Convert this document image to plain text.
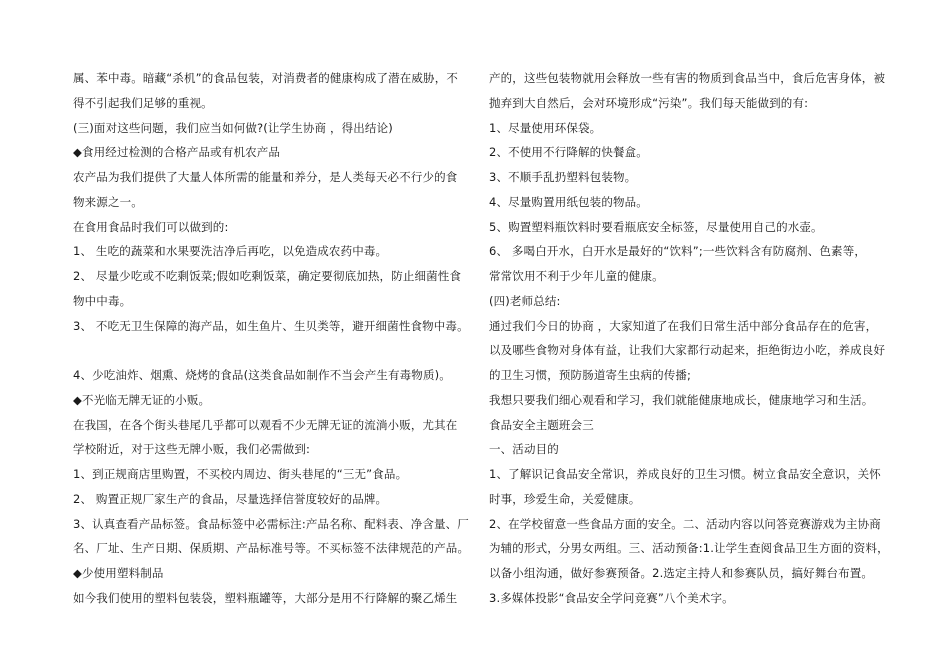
属、苯中毒。暗藏“杀机”的食品包装，对消费者的健康构成了潜在威胁，不
得不引起我们足够的重视。
(三)面对这些问题，我们应当如何做?(让学生协商 ，得出结论)
◆食用经过检测的合格产品或有机农产品
农产品为我们提供了大量人体所需的能量和养分，是人类每天必不行少的食
物来源之一。
在食用食品时我们可以做到的:
1、 生吃的蔬菜和水果要洗洁净后再吃，以免造成农药中毒。
2、 尽量少吃或不吃剩饭菜;假如吃剩饭菜，确定要彻底加热，防止细菌性食
物中中毒。
3、 不吃无卫生保障的海产品，如生鱼片、生贝类等，避开细菌性食物中毒。
4、少吃油炸、烟熏、烧烤的食品(这类食品如制作不当会产生有毒物质)。
◆不光临无牌无证的小贩。
在我国，在各个街头巷尾几乎都可以观看不少无牌无证的流淌小贩，尤其在
学校附近，对于这些无牌小贩，我们必需做到:
1、到正规商店里购置，不买校内周边、街头巷尾的“三无”食品。
2、 购置正规厂家生产的食品，尽量选择信誉度较好的品牌。
3、认真查看产品标签。食品标签中必需标注:产品名称、配料表、净含量、厂
名、厂址、生产日期、保质期、产品标准号等。不买标签不法律规范的产品。
◆少使用塑料制品
如今我们使用的塑料包装袋，塑料瓶罐等，大部分是用不行降解的聚乙烯生
产的，这些包装物就用会释放一些有害的物质到食品当中，食后危害身体，被
抛弃到大自然后，会对环境形成“污染”。我们每天能做到的有:
1、尽量使用环保袋。
2、不使用不行降解的快餐盒。
3、不顺手乱扔塑料包装物。
4、尽量购置用纸包装的物品。
5、购置塑料瓶饮料时要看瓶底安全标签，尽量使用自己的水壶。
6、 多喝白开水，白开水是最好的“饮料”;一些饮料含有防腐剂、色素等，
常常饮用不利于少年儿童的健康。
(四)老师总结:
通过我们今日的协商 ，大家知道了在我们日常生活中部分食品存在的危害，
以及哪些食物对身体有益，让我们大家都行动起来，拒绝街边小吃，养成良好
的卫生习惯，预防肠道寄生虫病的传播;
我想只要我们细心观看和学习，我们就能健康地成长，健康地学习和生活。
食品安全主题班会三
一、活动目的
1、了解识记食品安全常识，养成良好的卫生习惯。树立食品安全意识，关怀
时事，珍爱生命，关爱健康。
2、在学校留意一些食品方面的安全。二、活动内容以问答竞赛游戏为主协商
为辅的形式，分男女两组。三、活动预备:1.让学生查阅食品卫生方面的资料，
以备小组沟通，做好参赛预备。2.选定主持人和参赛队员，搞好舞台布置。
3.多媒体投影“食品安全学问竞赛”八个美术字。
